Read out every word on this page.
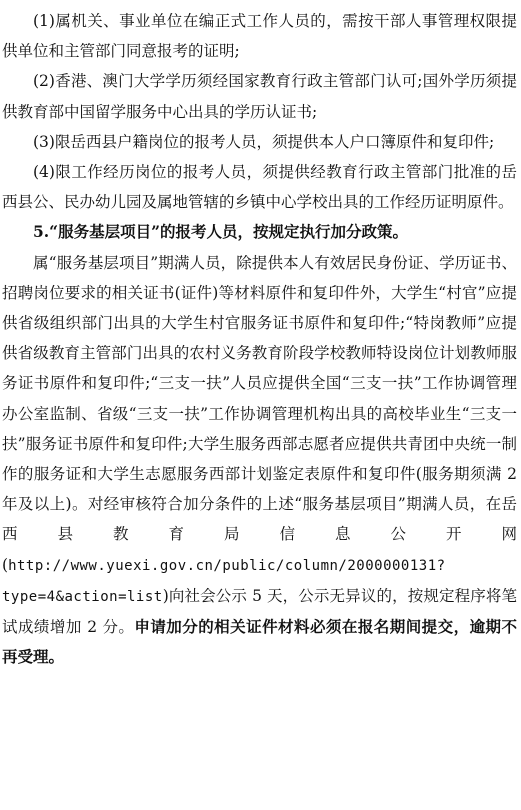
(1)属机关、事业单位在编正式工作人员的，需按干部人事管理权限提供单位和主管部门同意报考的证明;

(2)香港、澳门大学学历须经国家教育行政主管部门认可;国外学历须提供教育部中国留学服务中心出具的学历认证书;

(3)限岳西县户籍岗位的报考人员，须提供本人户口簿原件和复印件;

(4)限工作经历岗位的报考人员，须提供经教育行政主管部门批准的岳西县公、民办幼儿园及属地管辖的乡镇中心学校出具的工作经历证明原件。

5.“服务基层项目”的报考人员，按规定执行加分政策。

属“服务基层项目”期满人员，除提供本人有效居民身份证、学历证书、招聘岗位要求的相关证书(证件)等材料原件和复印件外，大学生“村官”应提供省级组织部门出具的大学生村官服务证书原件和复印件;“特岗教师”应提供省级教育主管部门出具的农村义务教育阶段学校教师特设岗位计划教师服务证书原件和复印件;“三支一扶”人员应提供全国“三支一扶”工作协调管理办公室监制、省级“三支一扶”工作协调管理机构出具的高校毕业生“三支一扶”服务证书原件和复印件;大学生服务西部志愿者应提供共青团中央统一制作的服务证和大学生志愿服务西部计划鉴定表原件和复印件(服务期须满 2 年及以上)。对经审核符合加分条件的上述“服务基层项目”期满人员，在岳西县教育局信息公开网(http://www.yuexi.gov.cn/public/column/2000000131?type=4&action=list)向社会公示 5 天，公示无异议的，按规定程序将笔试成绩增加 2 分。申请加分的相关证件材料必须在报名期间提交，逾期不再受理。
